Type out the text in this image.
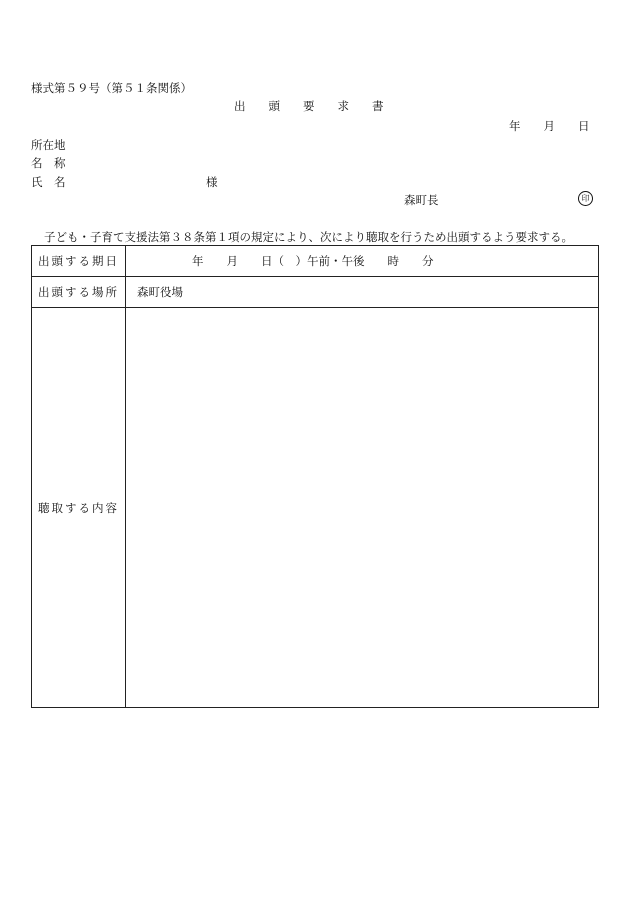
様式第５９号（第５１条関係）
出　　頭　　要　　求　　書
年　　月　　日
所在地
名　称
氏　名	様
森町長	印
子ども・子育て支援法第３８条第１項の規定により、次により聴取を行うため出頭するよう要求する。
出頭する期日	年　　月　　日（　）午前・午後　　時　　分
出頭する場所	森町役場
聴取する内容	
